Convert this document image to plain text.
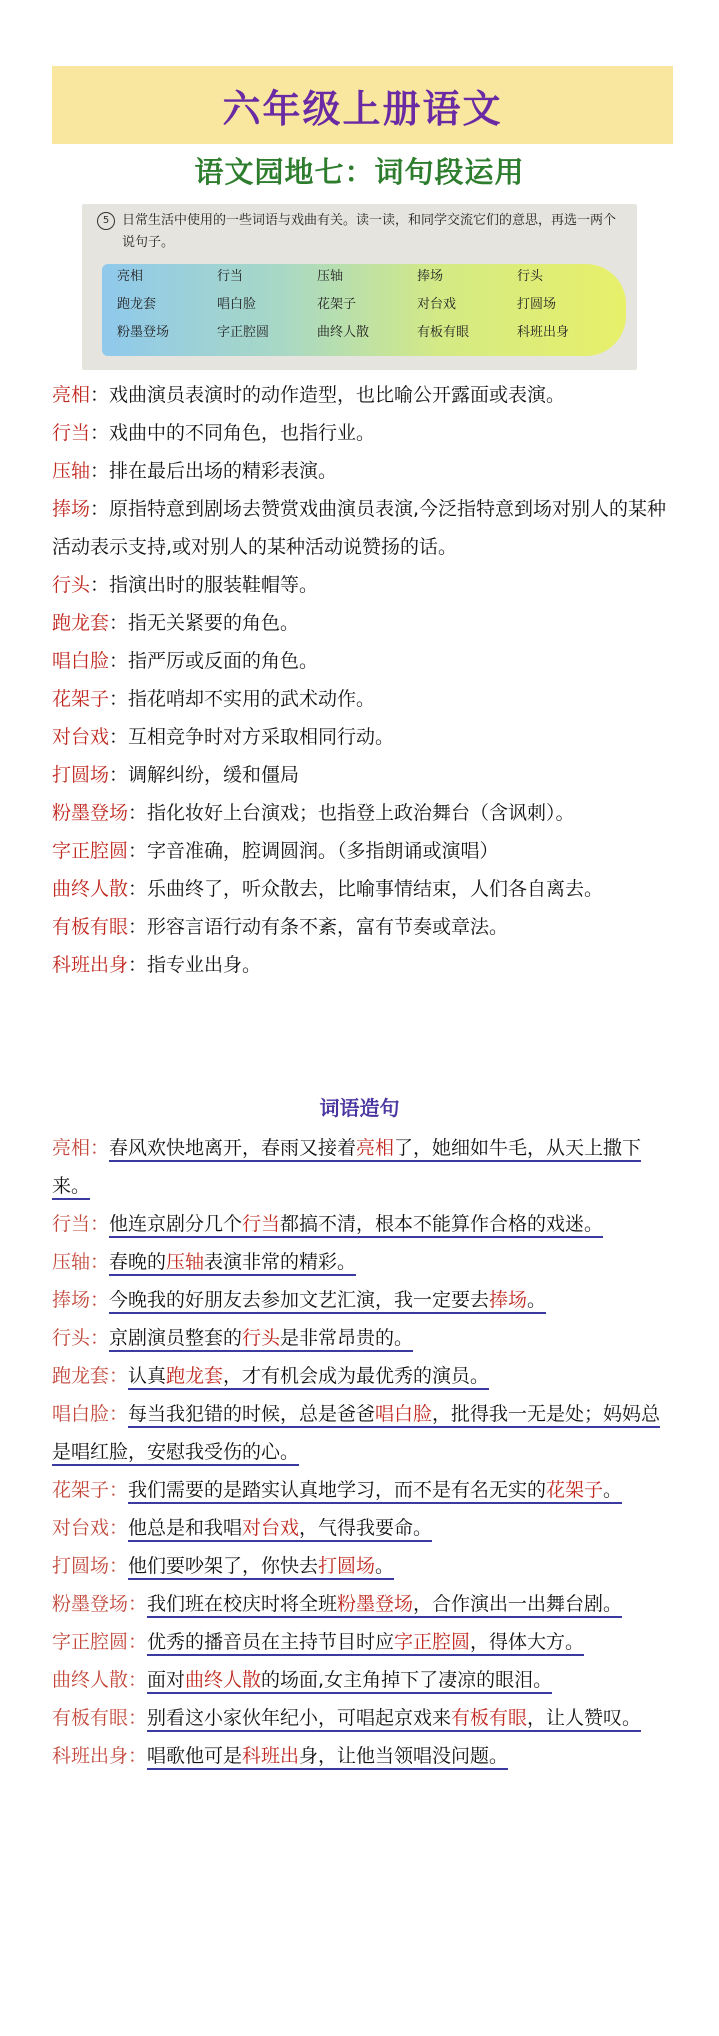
六年级上册语文
语文园地七：词句段运用
5 日常生活中使用的一些词语与戏曲有关。读一读，和同学交流它们的意思，再选一两个说句子。
亮相	行当	压轴	捧场	行头
跑龙套	唱白脸	花架子	对台戏	打圆场
粉墨登场	字正腔圆	曲终人散	有板有眼	科班出身
亮相：戏曲演员表演时的动作造型，也比喻公开露面或表演。
行当：戏曲中的不同角色，也指行业。
压轴：排在最后出场的精彩表演。
捧场：原指特意到剧场去赞赏戏曲演员表演,今泛指特意到场对别人的某种活动表示支持,或对别人的某种活动说赞扬的话。
行头：指演出时的服装鞋帽等。
跑龙套：指无关紧要的角色。
唱白脸：指严厉或反面的角色。
花架子：指花哨却不实用的武术动作。
对台戏：互相竞争时对方采取相同行动。
打圆场：调解纠纷，缓和僵局
粉墨登场：指化妆好上台演戏；也指登上政治舞台（含讽刺）。
字正腔圆：字音准确，腔调圆润。（多指朗诵或演唱）
曲终人散：乐曲终了，听众散去，比喻事情结束，人们各自离去。
有板有眼：形容言语行动有条不紊，富有节奏或章法。
科班出身：指专业出身。
词语造句
亮相：春风欢快地离开，春雨又接着亮相了，她细如牛毛，从天上撒下来。
行当：他连京剧分几个行当都搞不清，根本不能算作合格的戏迷。
压轴：春晚的压轴表演非常的精彩。
捧场：今晚我的好朋友去参加文艺汇演，我一定要去捧场。
行头：京剧演员整套的行头是非常昂贵的。
跑龙套：认真跑龙套，才有机会成为最优秀的演员。
唱白脸：每当我犯错的时候，总是爸爸唱白脸，批得我一无是处；妈妈总是唱红脸，安慰我受伤的心。
花架子：我们需要的是踏实认真地学习，而不是有名无实的花架子。
对台戏：他总是和我唱对台戏，气得我要命。
打圆场：他们要吵架了，你快去打圆场。
粉墨登场：我们班在校庆时将全班粉墨登场，合作演出一出舞台剧。
字正腔圆：优秀的播音员在主持节目时应字正腔圆，得体大方。
曲终人散：面对曲终人散的场面,女主角掉下了凄凉的眼泪。
有板有眼：别看这小家伙年纪小，可唱起京戏来有板有眼，让人赞叹。
科班出身：唱歌他可是科班出身，让他当领唱没问题。
